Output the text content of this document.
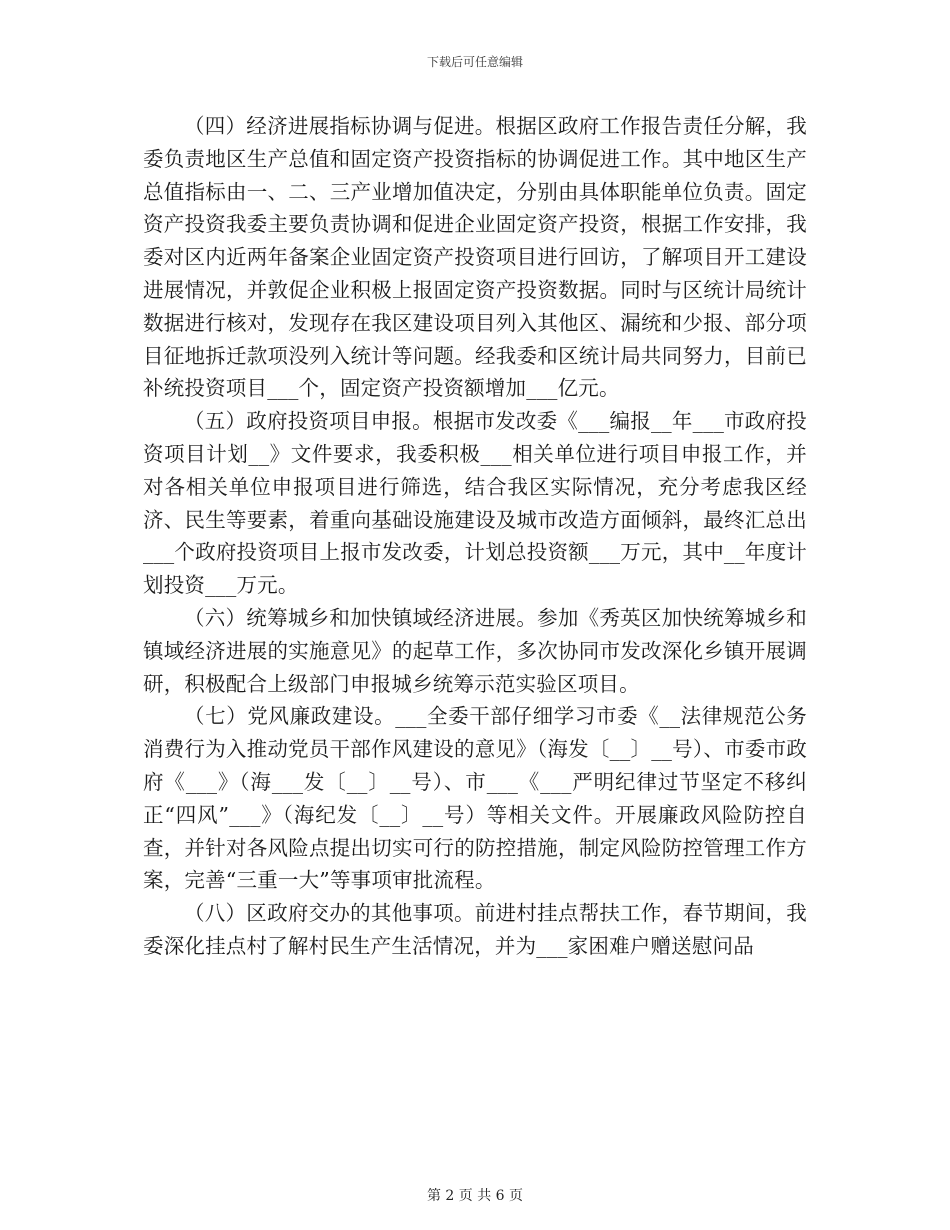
下载后可任意编辑

（四）经济进展指标协调与促进。根据区政府工作报告责任分解，我委负责地区生产总值和固定资产投资指标的协调促进工作。其中地区生产总值指标由一、二、三产业增加值决定，分别由具体职能单位负责。固定资产投资我委主要负责协调和促进企业固定资产投资，根据工作安排，我委对区内近两年备案企业固定资产投资项目进行回访，了解项目开工建设进展情况，并敦促企业积极上报固定资产投资数据。同时与区统计局统计数据进行核对，发现存在我区建设项目列入其他区、漏统和少报、部分项目征地拆迁款项没列入统计等问题。经我委和区统计局共同努力，目前已补统投资项目___个，固定资产投资额增加___亿元。

（五）政府投资项目申报。根据市发改委《___编报__年___市政府投资项目计划__》文件要求，我委积极___相关单位进行项目申报工作，并对各相关单位申报项目进行筛选，结合我区实际情况，充分考虑我区经济、民生等要素，着重向基础设施建设及城市改造方面倾斜，最终汇总出___个政府投资项目上报市发改委，计划总投资额___万元，其中__年度计划投资___万元。

（六）统筹城乡和加快镇域经济进展。参加《秀英区加快统筹城乡和镇域经济进展的实施意见》的起草工作，多次协同市发改深化乡镇开展调研，积极配合上级部门申报城乡统筹示范实验区项目。

（七）党风廉政建设。___全委干部仔细学习市委《__法律规范公务消费行为入推动党员干部作风建设的意见》（海发〔__〕__号）、市委市政府《___》（海___发〔__〕__号）、市___《___严明纪律过节坚定不移纠正“四风”___》（海纪发〔__〕__号）等相关文件。开展廉政风险防控自查，并针对各风险点提出切实可行的防控措施，制定风险防控管理工作方案，完善“三重一大”等事项审批流程。

（八）区政府交办的其他事项。前进村挂点帮扶工作，春节期间，我委深化挂点村了解村民生产生活情况，并为___家困难户赠送慰问品

第 2 页 共 6 页
